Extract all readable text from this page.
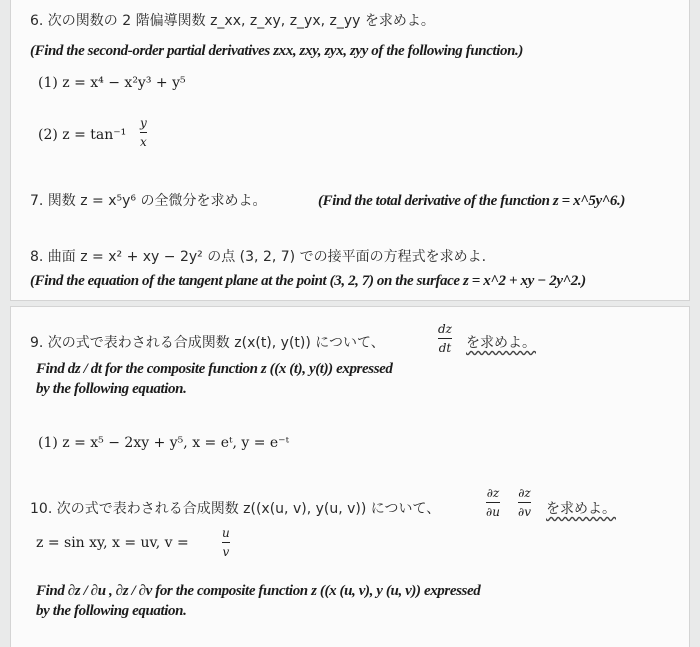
6. 次の関数の 2 階偏導関数 z_xx, z_xy, z_yx, z_yy を求めよ。
(Find the second-order partial derivatives zxx, zxy, zyx, zyy of the following function.)
(1) z = x⁴ − x²y³ + y⁵
(2) z = tan⁻¹
y
x
7. 関数 z = x⁵y⁶ の全微分を求めよ。	(Find the total derivative of the function z = x^5y^6.)
8. 曲面 z = x² + xy − 2y² の点 (3, 2, 7) での接平面の方程式を求めよ.
(Find the equation of the tangent plane at the point (3, 2, 7) on the surface z = x^2 + xy − 2y^2.)
9. 次の式で表わされる合成関数 z(x(t), y(t)) について、
dz
dt を求めよ。
Find dz / dt for the composite function z ((x (t), y(t)) expressed
by the following equation.
(1) z = x⁵ − 2xy + y⁵, x = eᵗ, y = e⁻ᵗ
10. 次の式で表わされる合成関数 z((x(u, v), y(u, v)) について、
∂z
∂u
∂z
∂v を求めよ。
z = sin xy, x = uv, v =
u
v
Find ∂z / ∂u , ∂z / ∂v for the composite function z ((x (u, v), y (u, v)) expressed
by the following equation.
